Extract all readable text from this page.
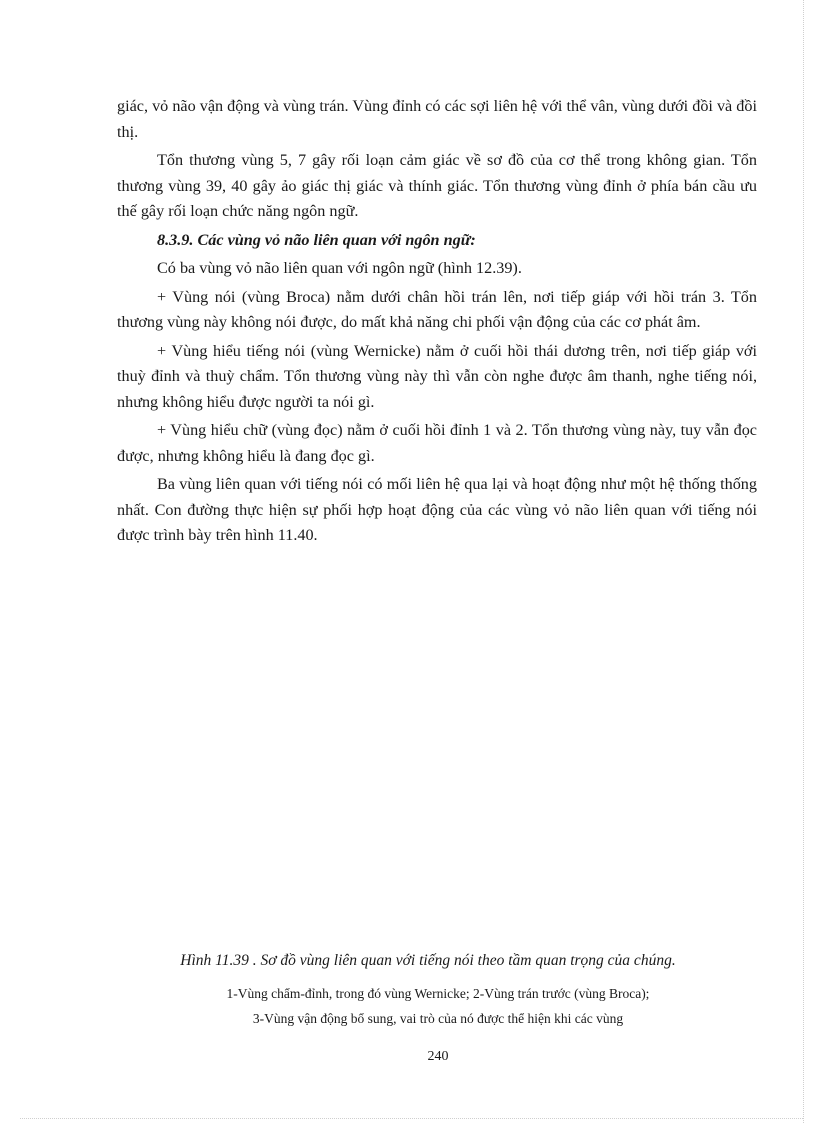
giác, vỏ não vận động và vùng trán. Vùng đỉnh có các sợi liên hệ với thể vân, vùng dưới đồi và đồi thị.

Tổn thương vùng 5, 7 gây rối loạn cảm giác về sơ đồ của cơ thể trong không gian. Tổn thương vùng 39, 40 gây ảo giác thị giác và thính giác. Tổn thương vùng đỉnh ở phía bán cầu ưu thế gây rối loạn chức năng ngôn ngữ.

8.3.9. Các vùng vỏ não liên quan với ngôn ngữ:

Có ba vùng vỏ não liên quan với ngôn ngữ (hình 12.39).

+ Vùng nói (vùng Broca) nằm dưới chân hồi trán lên, nơi tiếp giáp với hồi trán 3. Tổn thương vùng này không nói được, do mất khả năng chi phối vận động của các cơ phát âm.

+ Vùng hiểu tiếng nói (vùng Wernicke) nằm ở cuối hồi thái dương trên, nơi tiếp giáp với thuỳ đỉnh và thuỳ chẩm. Tổn thương vùng này thì vẫn còn nghe được âm thanh, nghe tiếng nói, nhưng không hiểu được người ta nói gì.

+ Vùng hiểu chữ (vùng đọc) nằm ở cuối hồi đỉnh 1 và 2. Tổn thương vùng này, tuy vẫn đọc được, nhưng không hiểu là đang đọc gì.

Ba vùng liên quan với tiếng nói có mối liên hệ qua lại và hoạt động như một hệ thống thống nhất. Con đường thực hiện sự phối hợp hoạt động của các vùng vỏ não liên quan với tiếng nói được trình bày trên hình 11.40.

Hình 11.39 . Sơ đồ vùng liên quan với tiếng nói theo tầm quan trọng của chúng.
1-Vùng chẩm-đỉnh, trong đó vùng Wernicke; 2-Vùng trán trước (vùng Broca);
3-Vùng vận động bổ sung, vai trò của nó được thể hiện khi các vùng
240
